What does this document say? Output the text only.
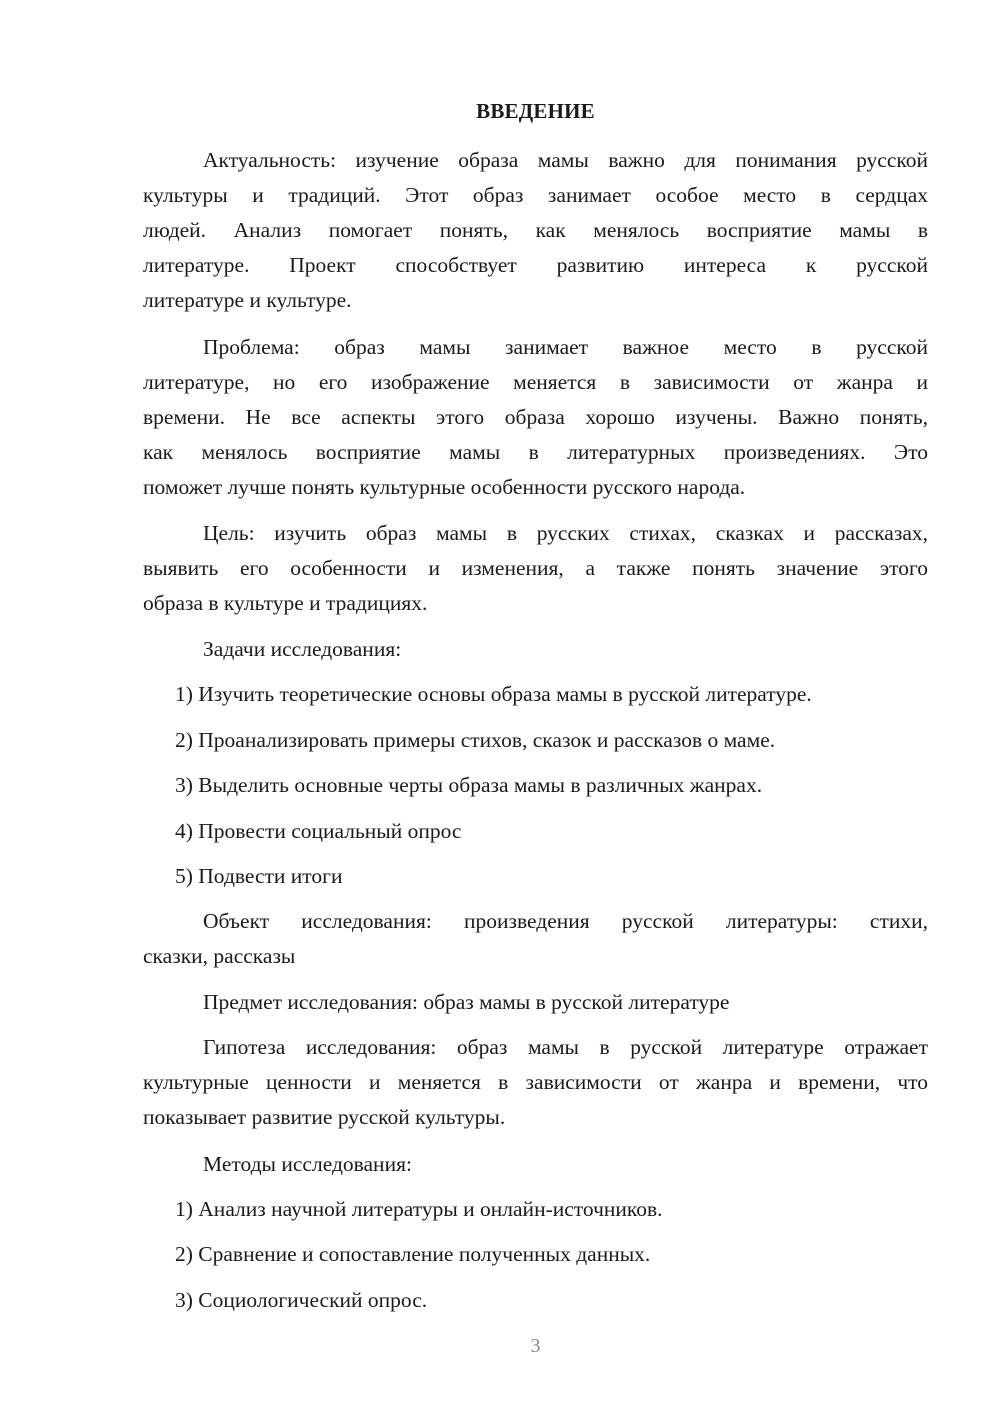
ВВЕДЕНИЕ
Актуальность: изучение образа мамы важно для понимания русской
культуры и традиций. Этот образ занимает особое место в сердцах
людей. Анализ помогает понять, как менялось восприятие мамы в
литературе. Проект способствует развитию интереса к русской
литературе и культуре.
Проблема: образ мамы занимает важное место в русской
литературе, но его изображение меняется в зависимости от жанра и
времени. Не все аспекты этого образа хорошо изучены. Важно понять,
как менялось восприятие мамы в литературных произведениях. Это
поможет лучше понять культурные особенности русского народа.
Цель: изучить образ мамы в русских стихах, сказках и рассказах,
выявить его особенности и изменения, а также понять значение этого
образа в культуре и традициях.
Задачи исследования:
1) Изучить теоретические основы образа мамы в русской литературе.
2) Проанализировать примеры стихов, сказок и рассказов о маме.
3) Выделить основные черты образа мамы в различных жанрах.
4) Провести социальный опрос
5) Подвести итоги
Объект исследования: произведения русской литературы: стихи,
сказки, рассказы
Предмет исследования: образ мамы в русской литературе
Гипотеза исследования: образ мамы в русской литературе отражает
культурные ценности и меняется в зависимости от жанра и времени, что
показывает развитие русской культуры.
Методы исследования:
1) Анализ научной литературы и онлайн-источников.
2) Сравнение и сопоставление полученных данных.
3) Социологический опрос.
3
